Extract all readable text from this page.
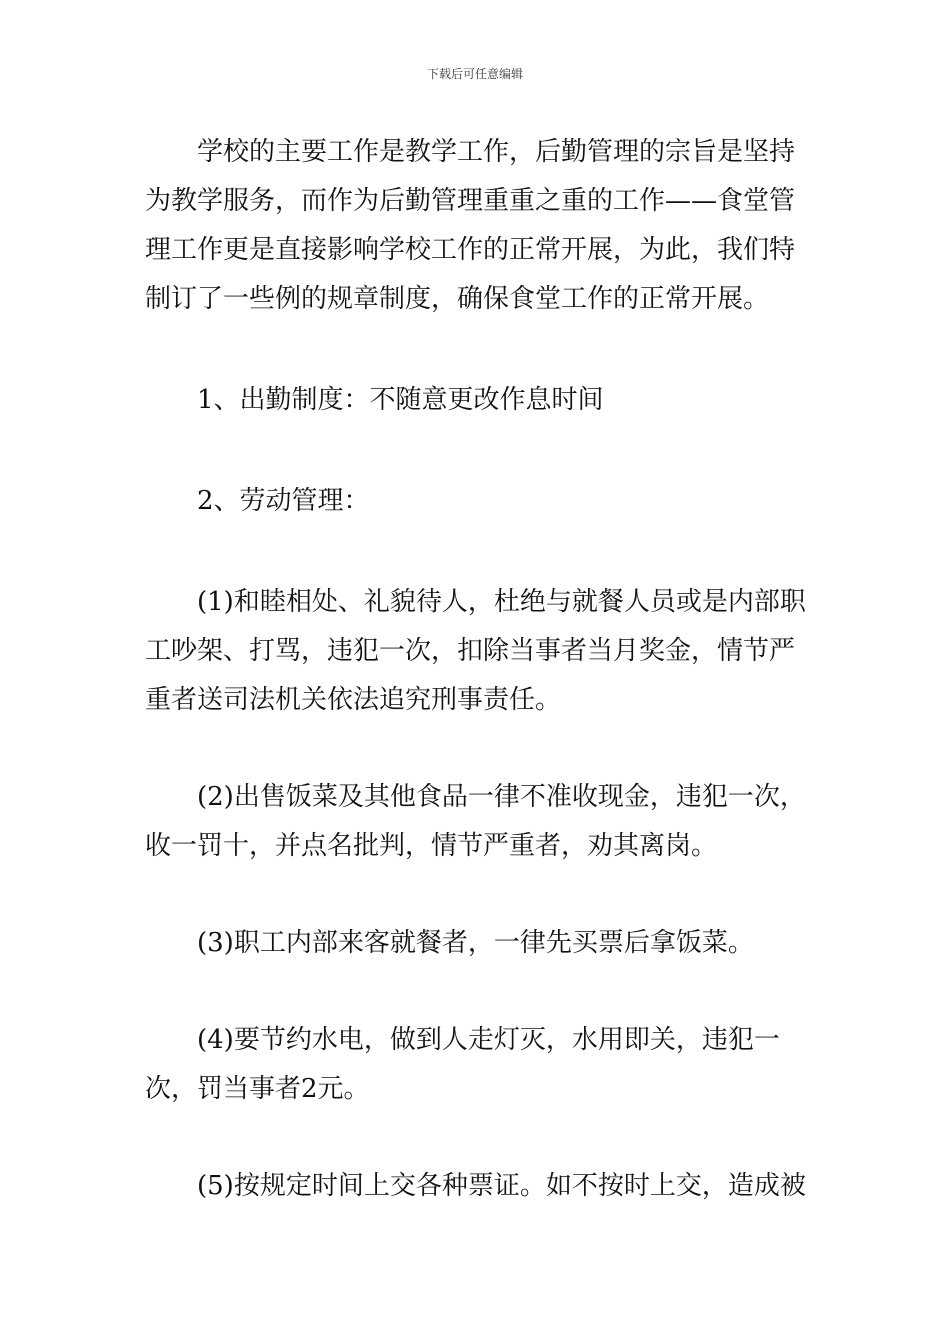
下载后可任意编辑

学校的主要工作是教学工作，后勤管理的宗旨是坚持为教学服务，而作为后勤管理重重之重的工作——食堂管理工作更是直接影响学校工作的正常开展，为此，我们特制订了一些例的规章制度，确保食堂工作的正常开展。

1、出勤制度：不随意更改作息时间

2、劳动管理：

(1)和睦相处、礼貌待人，杜绝与就餐人员或是内部职工吵架、打骂，违犯一次，扣除当事者当月奖金，情节严重者送司法机关依法追究刑事责任。

(2)出售饭菜及其他食品一律不准收现金，违犯一次，收一罚十，并点名批判，情节严重者，劝其离岗。

(3)职工内部来客就餐者，一律先买票后拿饭菜。

(4)要节约水电，做到人走灯灭，水用即关，违犯一次，罚当事者2元。

(5)按规定时间上交各种票证。如不按时上交，造成被
